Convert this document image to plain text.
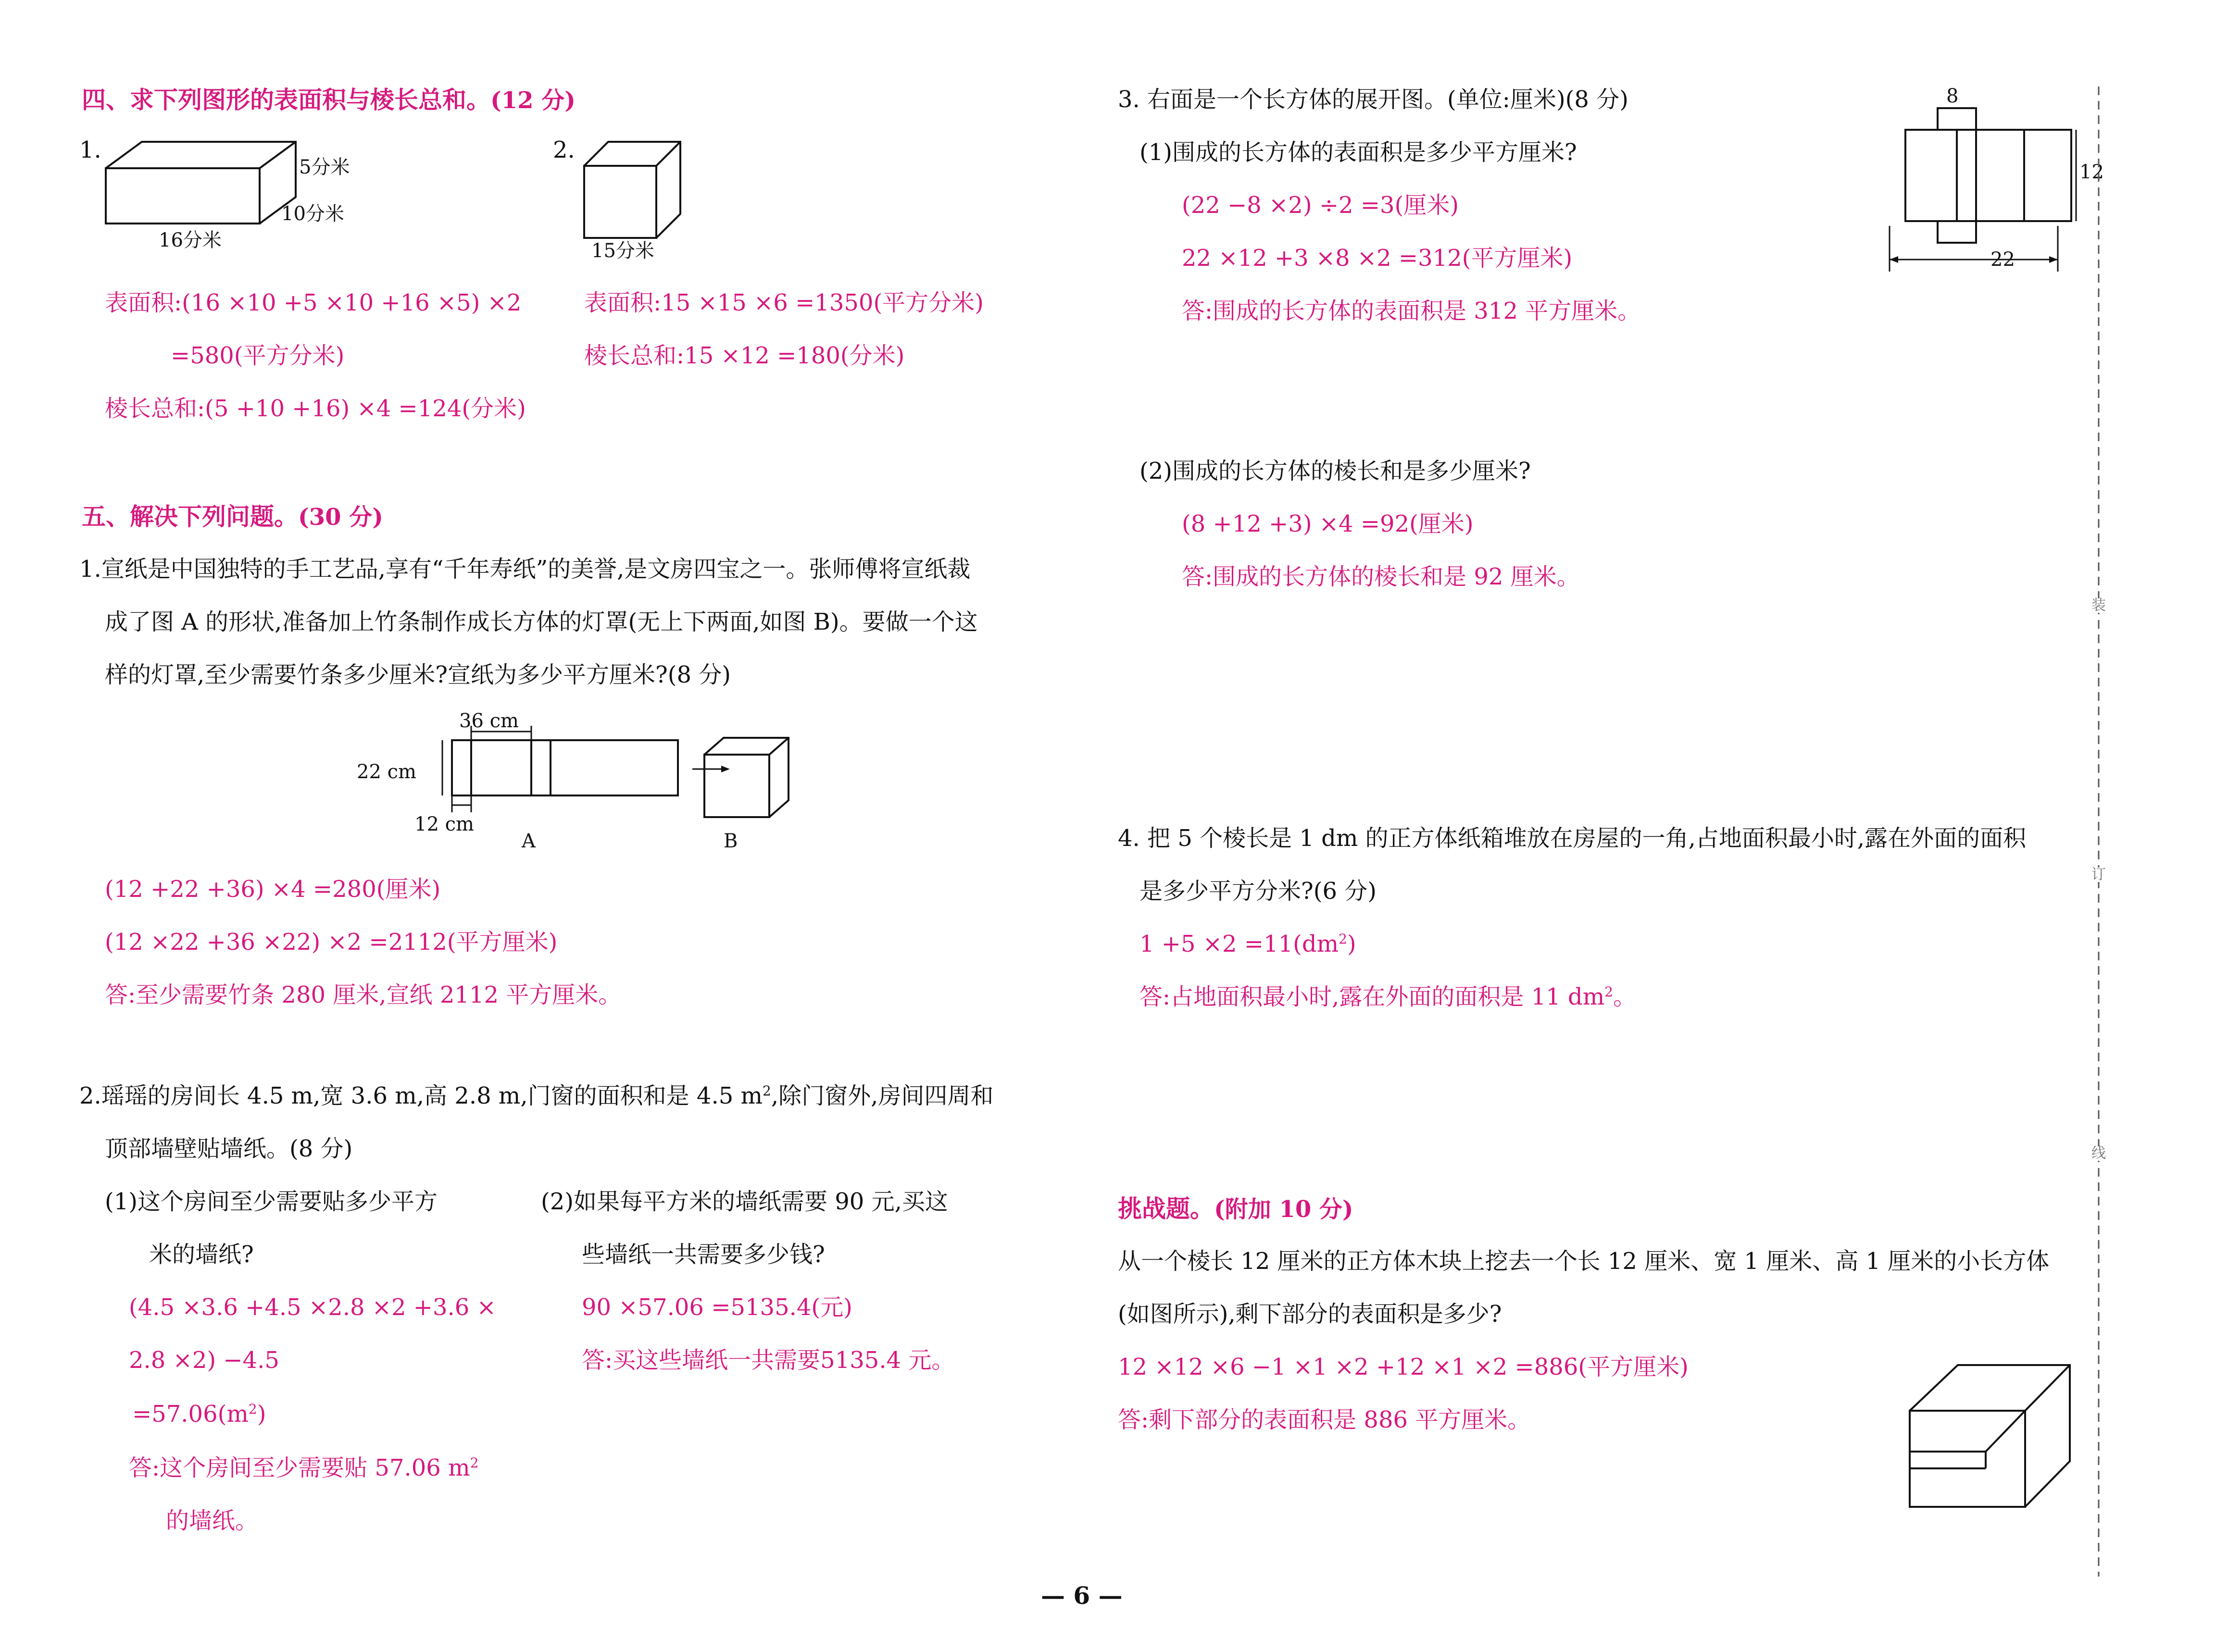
四、求下列图形的表面积与棱长总和。(12 分)
1.
5分米
10分米
16分米
2.
15分米
表面积:(16 ×10 +5 ×10 +16 ×5) ×2
=580(平方分米)
棱长总和:(5 +10 +16) ×4 =124(分米)
表面积:15 ×15 ×6 =1350(平方分米)
棱长总和:15 ×12 =180(分米)
五、解决下列问题。(30 分)
1.宣纸是中国独特的手工艺品,享有“千年寿纸”的美誉,是文房四宝之一。张师傅将宣纸裁
成了图 A 的形状,准备加上竹条制作成长方体的灯罩(无上下两面,如图 B)。要做一个这
样的灯罩,至少需要竹条多少厘米?宣纸为多少平方厘米?(8 分)
36 cm
22 cm
12 cm
A	B
(12 +22 +36) ×4 =280(厘米)
(12 ×22 +36 ×22) ×2 =2112(平方厘米)
答:至少需要竹条 280 厘米,宣纸 2112 平方厘米。
2.瑶瑶的房间长 4.5 m,宽 3.6 m,高 2.8 m,门窗的面积和是 4.5 $m^2$,除门窗外,房间四周和
顶部墙壁贴墙纸。(8 分)
(1)这个房间至少需要贴多少平方
米的墙纸?
(4.5 ×3.6 +4.5 ×2.8 ×2 +3.6 ×
2.8 ×2) −4.5
$=57.06(m^2)$
答:这个房间至少需要贴 57.06 $m^2$
的墙纸。
(2)如果每平方米的墙纸需要 90 元,买这
些墙纸一共需要多少钱?
90 ×57.06 =5135.4(元)
答:买这些墙纸一共需要5135.4 元。
3. 右面是一个长方体的展开图。(单位:厘米)(8 分)
(1)围成的长方体的表面积是多少平方厘米?
(22 −8 ×2) ÷2 =3(厘米)
22 ×12 +3 ×8 ×2 =312(平方厘米)
答:围成的长方体的表面积是 312 平方厘米。
8
12
22
(2)围成的长方体的棱长和是多少厘米?
(8 +12 +3) ×4 =92(厘米)
答:围成的长方体的棱长和是 92 厘米。
4. 把 5 个棱长是 1 dm 的正方体纸箱堆放在房屋的一角,占地面积最小时,露在外面的面积
是多少平方分米?(6 分)
$1 +5 \times 2 =11(dm^2)$
答:占地面积最小时,露在外面的面积是 11 $dm^2$。
挑战题。(附加 10 分)
从一个棱长 12 厘米的正方体木块上挖去一个长 12 厘米、宽 1 厘米、高 1 厘米的小长方体
(如图所示),剩下部分的表面积是多少?
12 ×12 ×6 −1 ×1 ×2 +12 ×1 ×2 =886(平方厘米)
答:剩下部分的表面积是 886 平方厘米。
装
订
线
— 6 —
